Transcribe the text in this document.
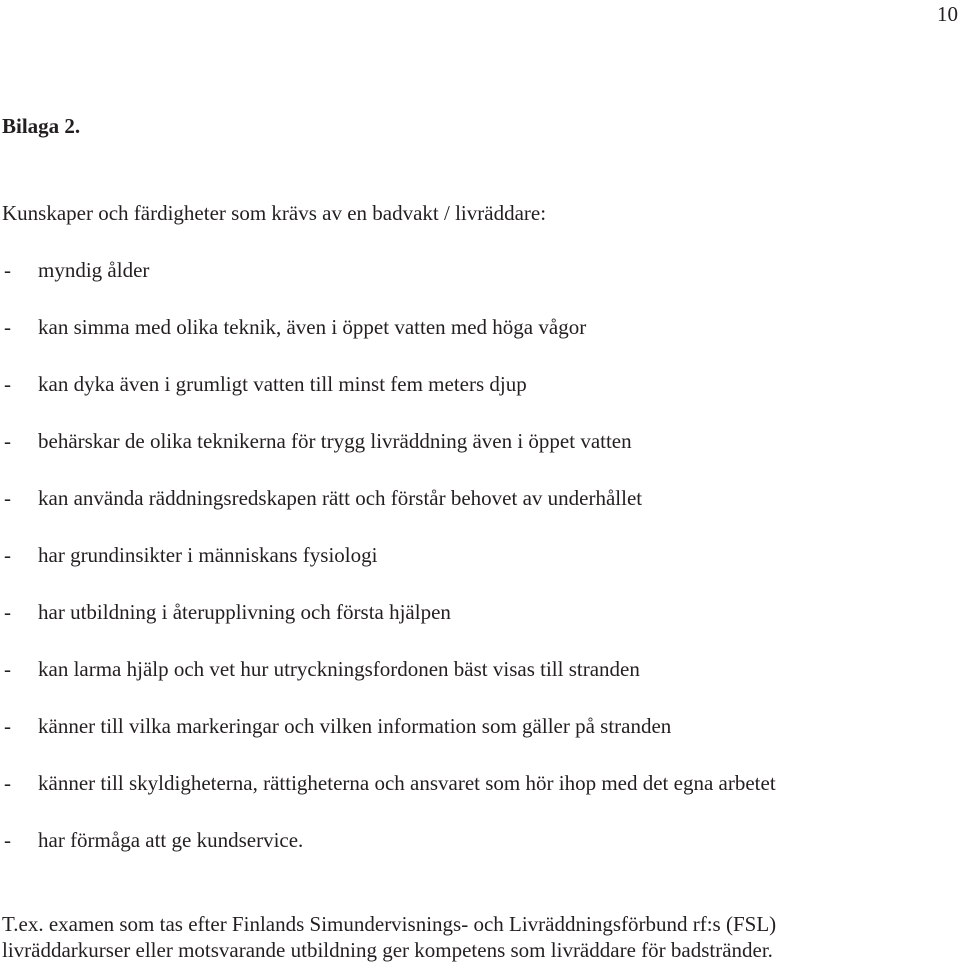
10
Bilaga 2.
Kunskaper och färdigheter som krävs av en badvakt / livräddare:
- myndig ålder
- kan simma med olika teknik, även i öppet vatten med höga vågor
- kan dyka även i grumligt vatten till minst fem meters djup
- behärskar de olika teknikerna för trygg livräddning även i öppet vatten
- kan använda räddningsredskapen rätt och förstår behovet av underhållet
- har grundinsikter i människans fysiologi
- har utbildning i återupplivning och första hjälpen
- kan larma hjälp och vet hur utryckningsfordonen bäst visas till stranden
- känner till vilka markeringar och vilken information som gäller på stranden
- känner till skyldigheterna, rättigheterna och ansvaret som hör ihop med det egna arbetet
- har förmåga att ge kundservice.
T.ex. examen som tas efter Finlands Simundervisnings- och Livräddningsförbund rf:s (FSL)
livräddarkurser eller motsvarande utbildning ger kompetens som livräddare för badstränder.
